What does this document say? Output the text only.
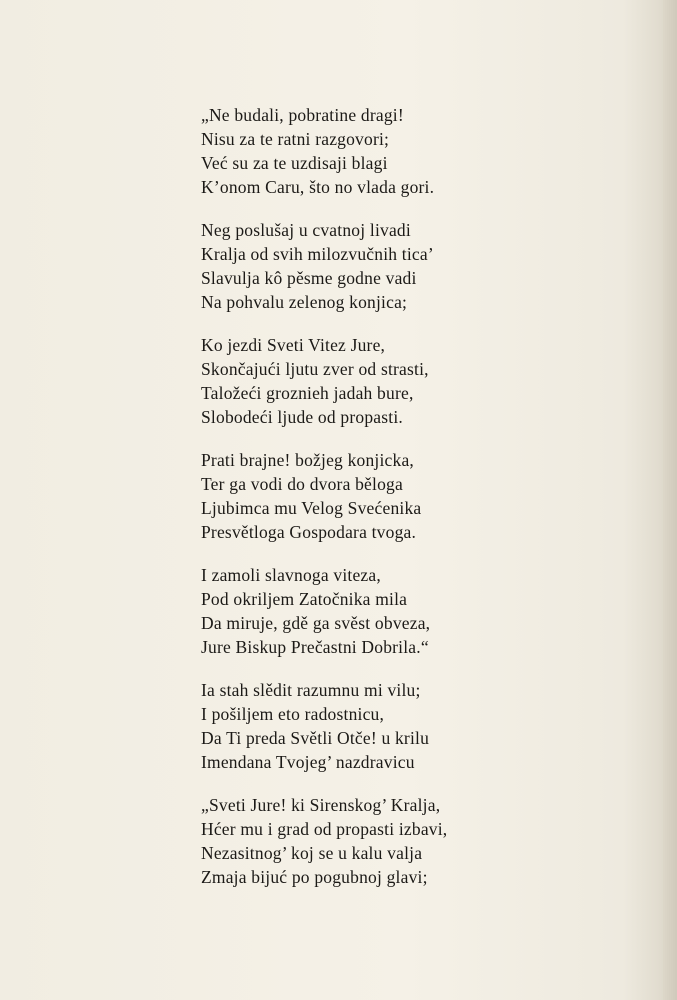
„Ne budali, pobratine dragi!
Nisu za te ratni razgovori;
Već su za te uzdisaji blagi
K’onom Caru, što no vlada gori.
Neg poslušaj u cvatnoj livadi
Kralja od svih milozvučnih tica’
Slavulja kô pěsme godne vadi
Na pohvalu zelenog konjica;
Ko jezdi Sveti Vitez Jure,
Skončajući ljutu zver od strasti,
Taložeći groznieh jadah bure,
Slobodeći ljude od propasti.
Prati brajne! božjeg konjicka,
Ter ga vodi do dvora běloga
Ljubimca mu Velog Svećenika
Presvětloga Gospodara tvoga.
I zamoli slavnoga viteza,
Pod okriljem Zatočnika mila
Da miruje, gdě ga svěst obveza,
Jure Biskup Prečastni Dobrila.“
Ia stah slědit razumnu mi vilu;
I pošiljem eto radostnicu,
Da Ti preda Světli Otče! u krilu
Imendana Tvojeg’ nazdravicu
„Sveti Jure! ki Sirenskog’ Kralja,
Hćer mu i grad od propasti izbavi,
Nezasitnog’ koj se u kalu valja
Zmaja bijuć po pogubnoj glavi;
